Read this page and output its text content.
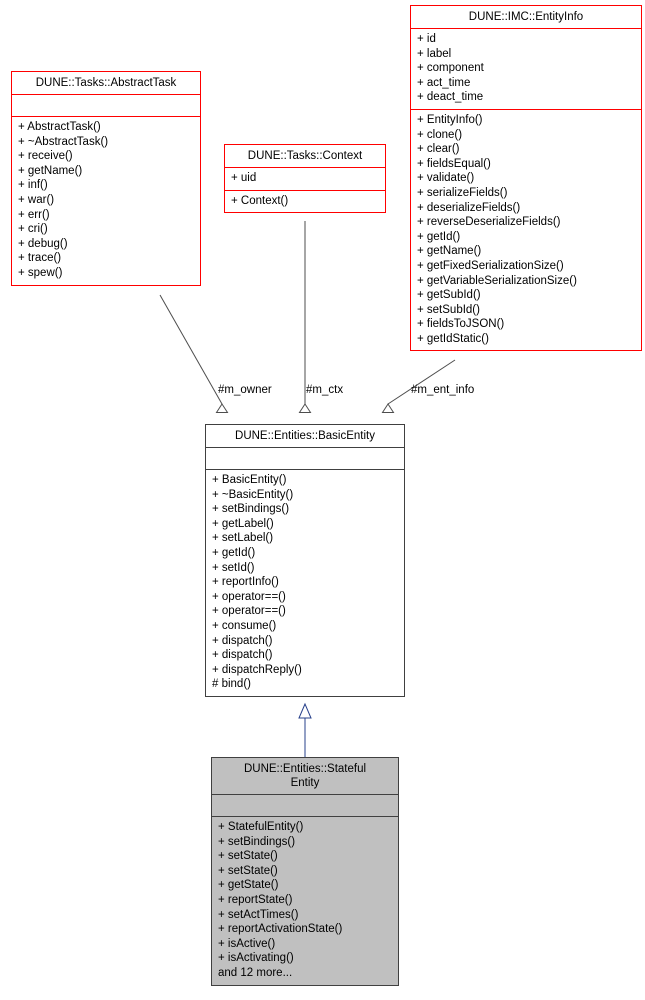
DUNE::IMC::EntityInfo
+ id
+ label
+ component
+ act_time
+ deact_time
+ EntityInfo()
+ clone()
+ clear()
+ fieldsEqual()
+ validate()
+ serializeFields()
+ deserializeFields()
+ reverseDeserializeFields()
+ getId()
+ getName()
+ getFixedSerializationSize()
+ getVariableSerializationSize()
+ getSubId()
+ setSubId()
+ fieldsToJSON()
+ getIdStatic()
DUNE::Tasks::AbstractTask
+ AbstractTask()
+ ~AbstractTask()
+ receive()
+ getName()
+ inf()
+ war()
+ err()
+ cri()
+ debug()
+ trace()
+ spew()
DUNE::Tasks::Context
+ uid
+ Context()
DUNE::Entities::BasicEntity
+ BasicEntity()
+ ~BasicEntity()
+ setBindings()
+ getLabel()
+ setLabel()
+ getId()
+ setId()
+ reportInfo()
+ operator==()
+ operator==()
+ consume()
+ dispatch()
+ dispatch()
+ dispatchReply()
# bind()
DUNE::Entities::Stateful
Entity
+ StatefulEntity()
+ setBindings()
+ setState()
+ setState()
+ getState()
+ reportState()
+ setActTimes()
+ reportActivationState()
+ isActive()
+ isActivating()
and 12 more...
#m_owner	#m_ctx	#m_ent_info
